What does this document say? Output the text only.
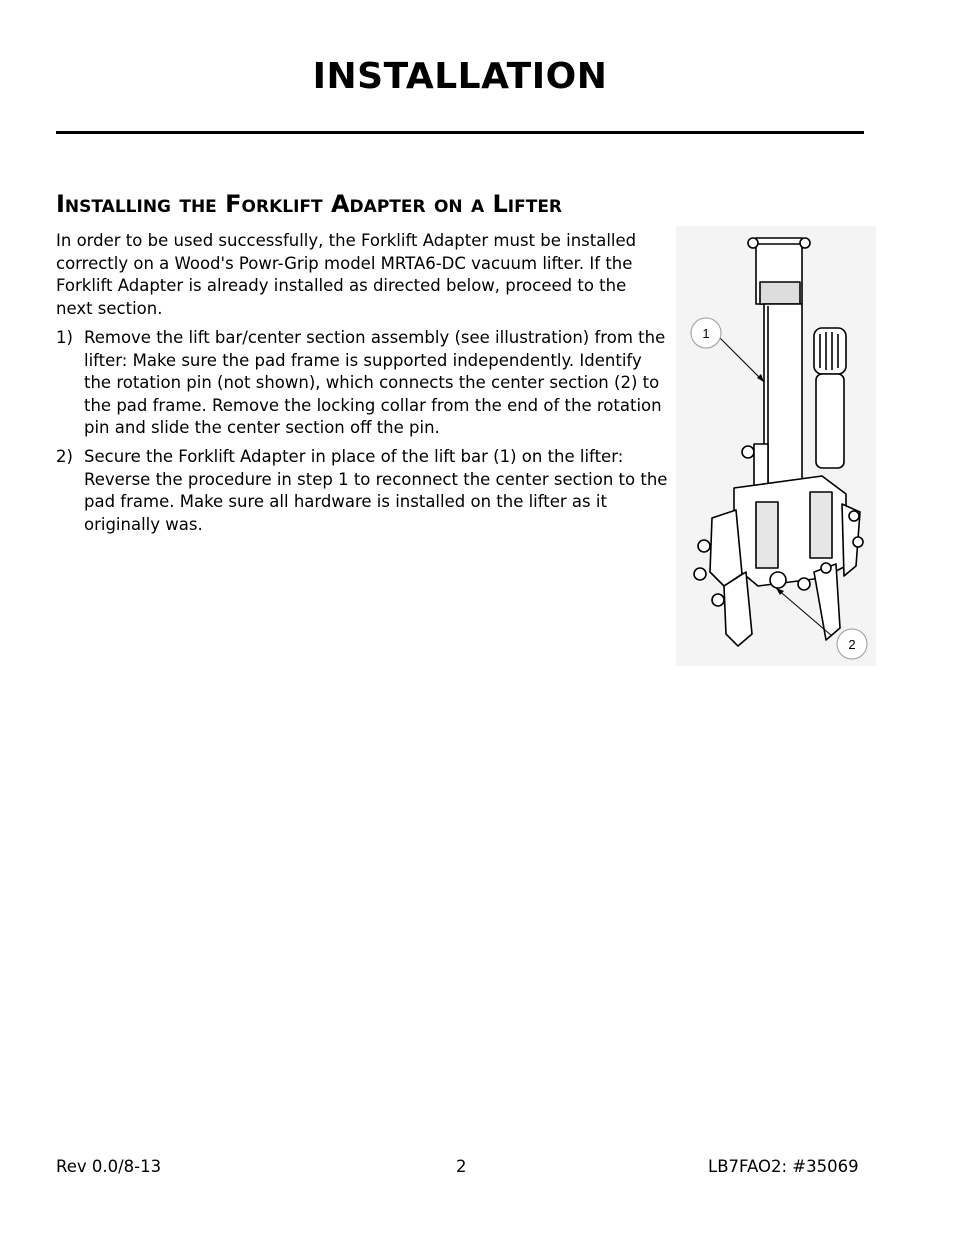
INSTALLATION
Installing the Forklift Adapter on a Lifter
In order to be used successfully, the Forklift Adapter must be installed correctly on a Wood's Powr-Grip model MRTA6-DC vacuum lifter. If the Forklift Adapter is already installed as directed below, proceed to the next section.
1) Remove the lift bar/center section assembly (see illustration) from the lifter: Make sure the pad frame is supported independently. Identify the rotation pin (not shown), which connects the center section (2) to the pad frame. Remove the locking collar from the end of the rotation pin and slide the center section off the pin.
2) Secure the Forklift Adapter in place of the lift bar (1) on the lifter: Reverse the procedure in step 1 to reconnect the center section to the pad frame. Make sure all hardware is installed on the lifter as it originally was.
1
2
Rev 0.0/8-13	2	LB7FAO2: #35069
